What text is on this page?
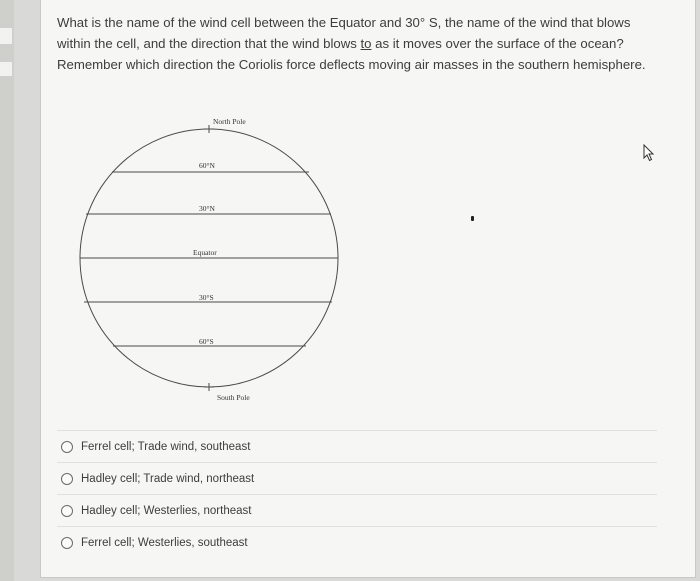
What is the name of the wind cell between the Equator and 30° S, the name of the wind that blows within the cell, and the direction that the wind blows to as it moves over the surface of the ocean? Remember which direction the Coriolis force deflects moving air masses in the southern hemisphere.
North Pole
60°N
30°N
Equator
30°S
60°S
South Pole
Ferrel cell; Trade wind, southeast
Hadley cell; Trade wind, northeast
Hadley cell; Westerlies, northeast
Ferrel cell; Westerlies, southeast
